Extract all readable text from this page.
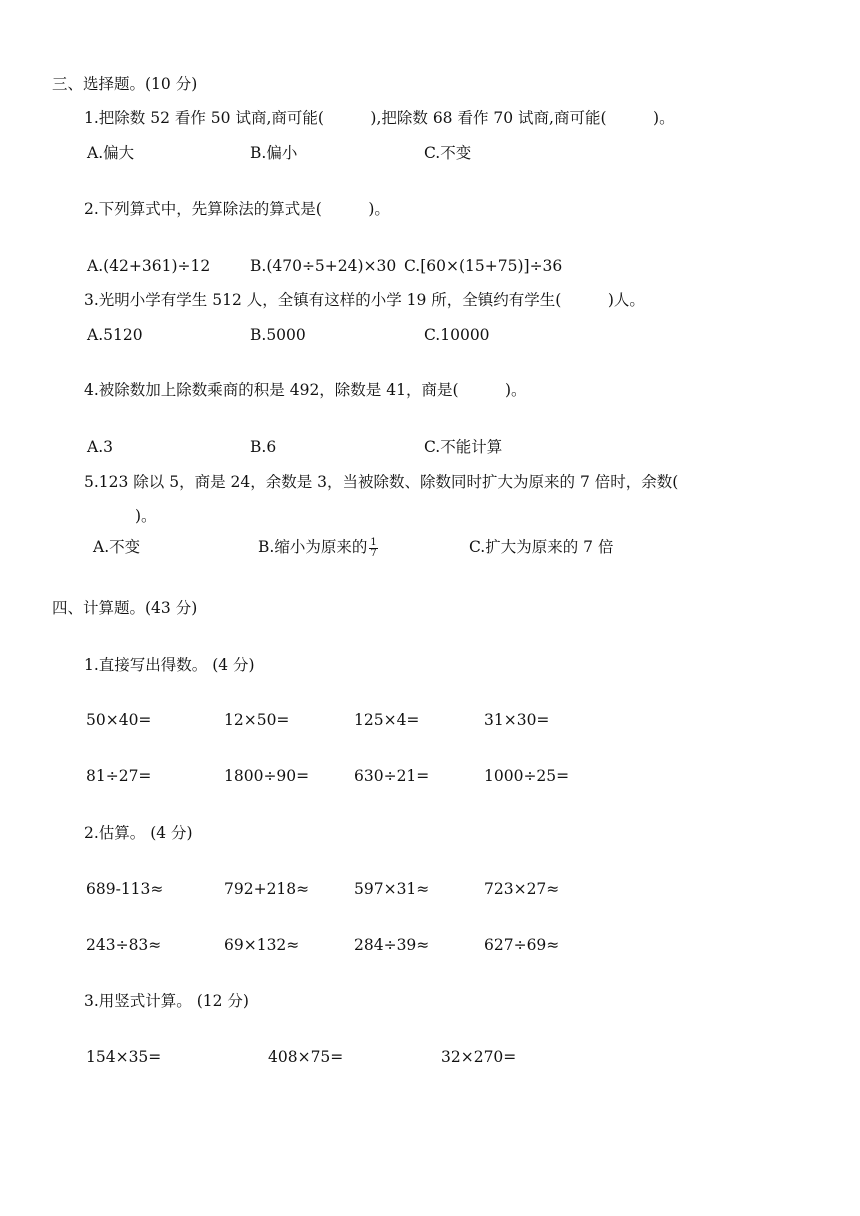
三、选择题。(10 分)
1.把除数 52 看作 50 试商,商可能(　　　),把除数 68 看作 70 试商,商可能(　　　)。
A.偏大	B.偏小	C.不变
2.下列算式中，先算除法的算式是(　　　)。
A.(42+361)÷12	B.(470÷5+24)×30 C.[60×(15+75)]÷36
3.光明小学有学生 512 人，全镇有这样的小学 19 所，全镇约有学生(　　　)人。
A.5120	B.5000	C.10000
4.被除数加上除数乘商的积是 492，除数是 41，商是(　　　)。
A.3	B.6	C.不能计算
5.123 除以 5，商是 24，余数是 3，当被除数、除数同时扩大为原来的 7 倍时，余数(
　　)。
A.不变	B.缩小为原来的 $\frac{1}{7}$	C.扩大为原来的 7 倍
四、计算题。(43 分)
1.直接写出得数。 (4 分)
50×40=	12×50=	125×4=	31×30=
81÷27=	1800÷90=	630÷21=	1000÷25=
2.估算。 (4 分)
689-113≈	792+218≈	597×31≈	723×27≈
243÷83≈	69×132≈	284÷39≈	627÷69≈
3.用竖式计算。 (12 分)
154×35=	408×75=	32×270=
